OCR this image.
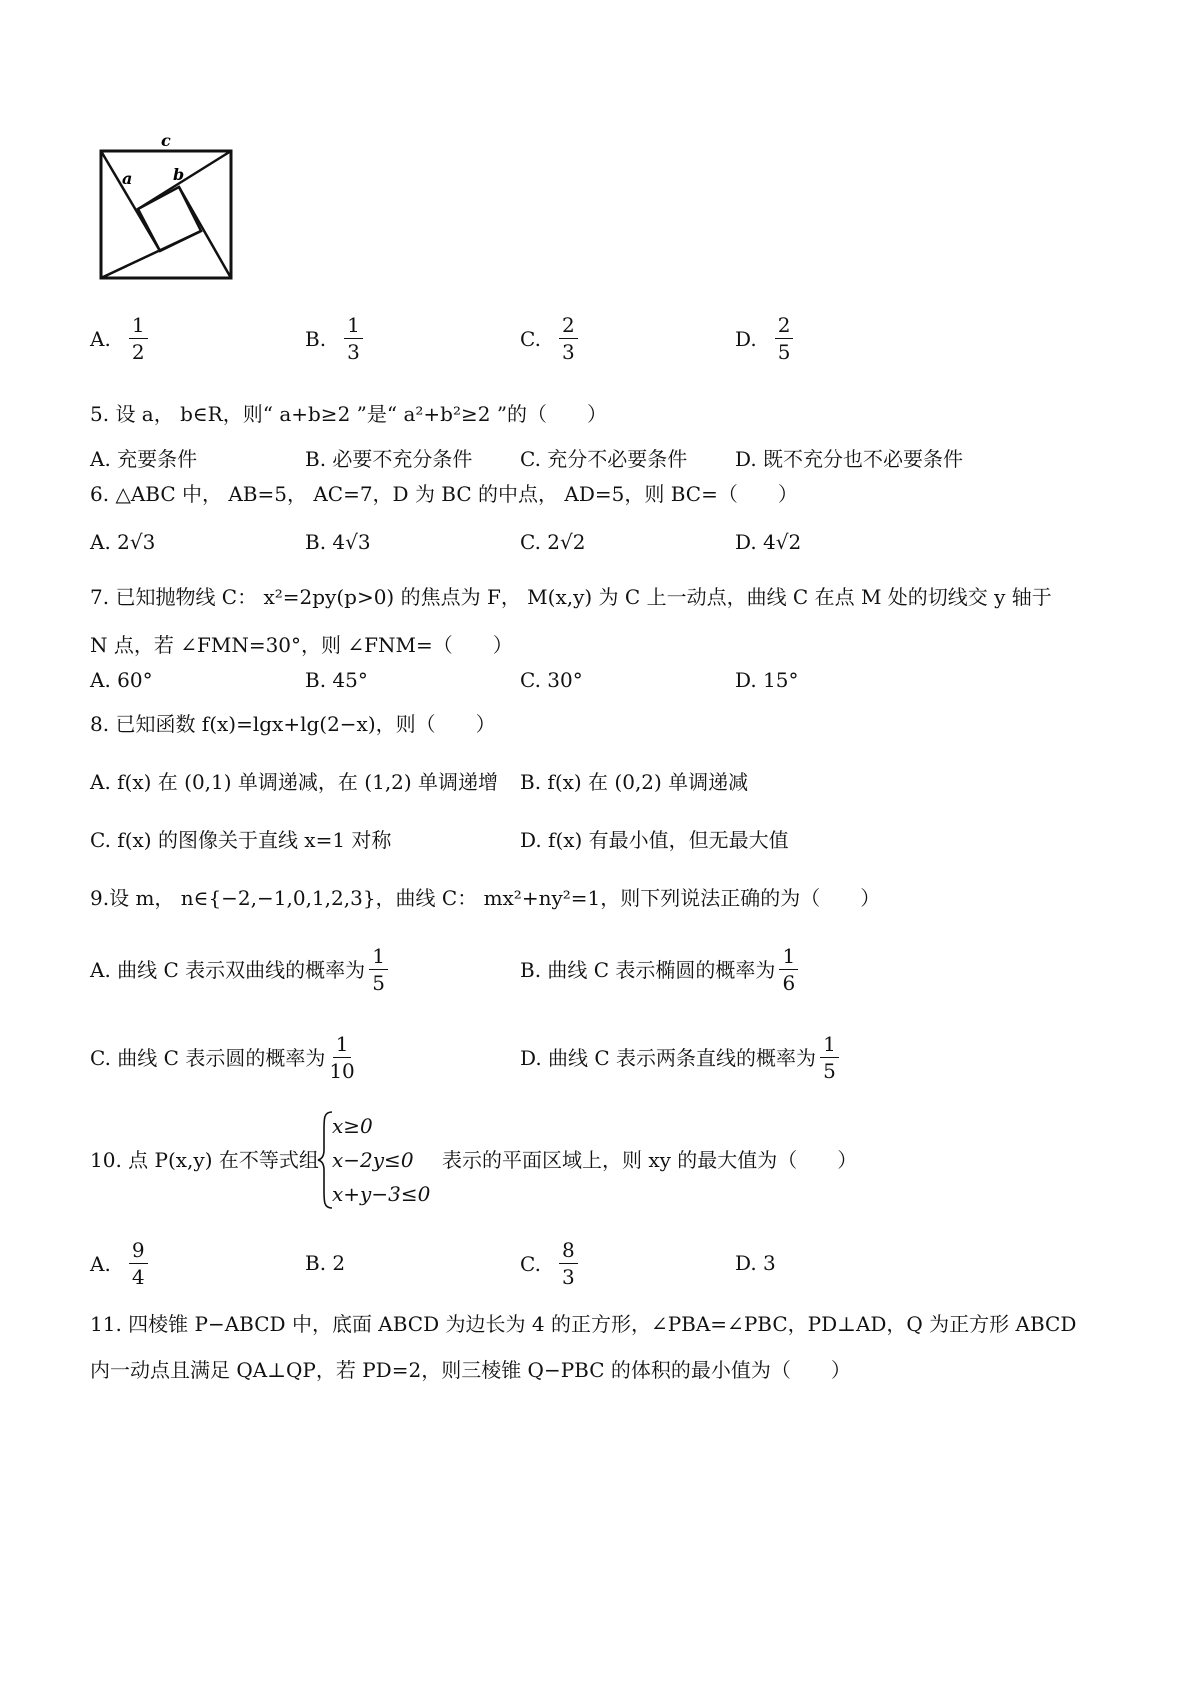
c
a	b
A. $\frac{1}{2}$	B. $\frac{1}{3}$	C. $\frac{2}{3}$	D. $\frac{2}{5}$
5. 设 a， b∈R，则“ a+b≥2 ”是“ a²+b²≥2 ”的（　　）
A. 充要条件	B. 必要不充分条件 C. 充分不必要条件 D. 既不充分也不必要条件
6. △ABC 中， AB=5， AC=7，D 为 BC 的中点， AD=5，则 BC=（　　）
A. 2√3	B. 4√3	C. 2√2	D. 4√2
7. 已知抛物线 C： x²=2py(p>0) 的焦点为 F， M(x,y) 为 C 上一动点，曲线 C 在点 M 处的切线交 y 轴于
N 点，若 ∠FMN=30°，则 ∠FNM=（　　）
A. 60°	B. 45°	C. 30°	D. 15°
8. 已知函数 f(x)=lgx+lg(2−x)，则（　　）
A. f(x) 在 (0,1) 单调递减，在 (1,2) 单调递增 B. f(x) 在 (0,2) 单调递减
C. f(x) 的图像关于直线 x=1 对称	D. f(x) 有最小值，但无最大值
9.设 m， n∈{−2,−1,0,1,2,3}，曲线 C： mx²+ny²=1，则下列说法正确的为（　　）
A. 曲线 C 表示双曲线的概率为 $\frac{1}{5}$	B. 曲线 C 表示椭圆的概率为 $\frac{1}{6}$
C. 曲线 C 表示圆的概率为 $\frac{1}{10}$	D. 曲线 C 表示两条直线的概率为 $\frac{1}{5}$
10. 点 P(x,y) 在不等式组
x≥0
x−2y≤0
x+y−3≤0
表示的平面区域上，则 xy 的最大值为（　　）
A. $\frac{9}{4}$	B. 2	C. $\frac{8}{3}$	D. 3
11. 四棱锥 P−ABCD 中，底面 ABCD 为边长为 4 的正方形，∠PBA=∠PBC，PD⊥AD，Q 为正方形 ABCD
内一动点且满足 QA⊥QP，若 PD=2，则三棱锥 Q−PBC 的体积的最小值为（　　）
